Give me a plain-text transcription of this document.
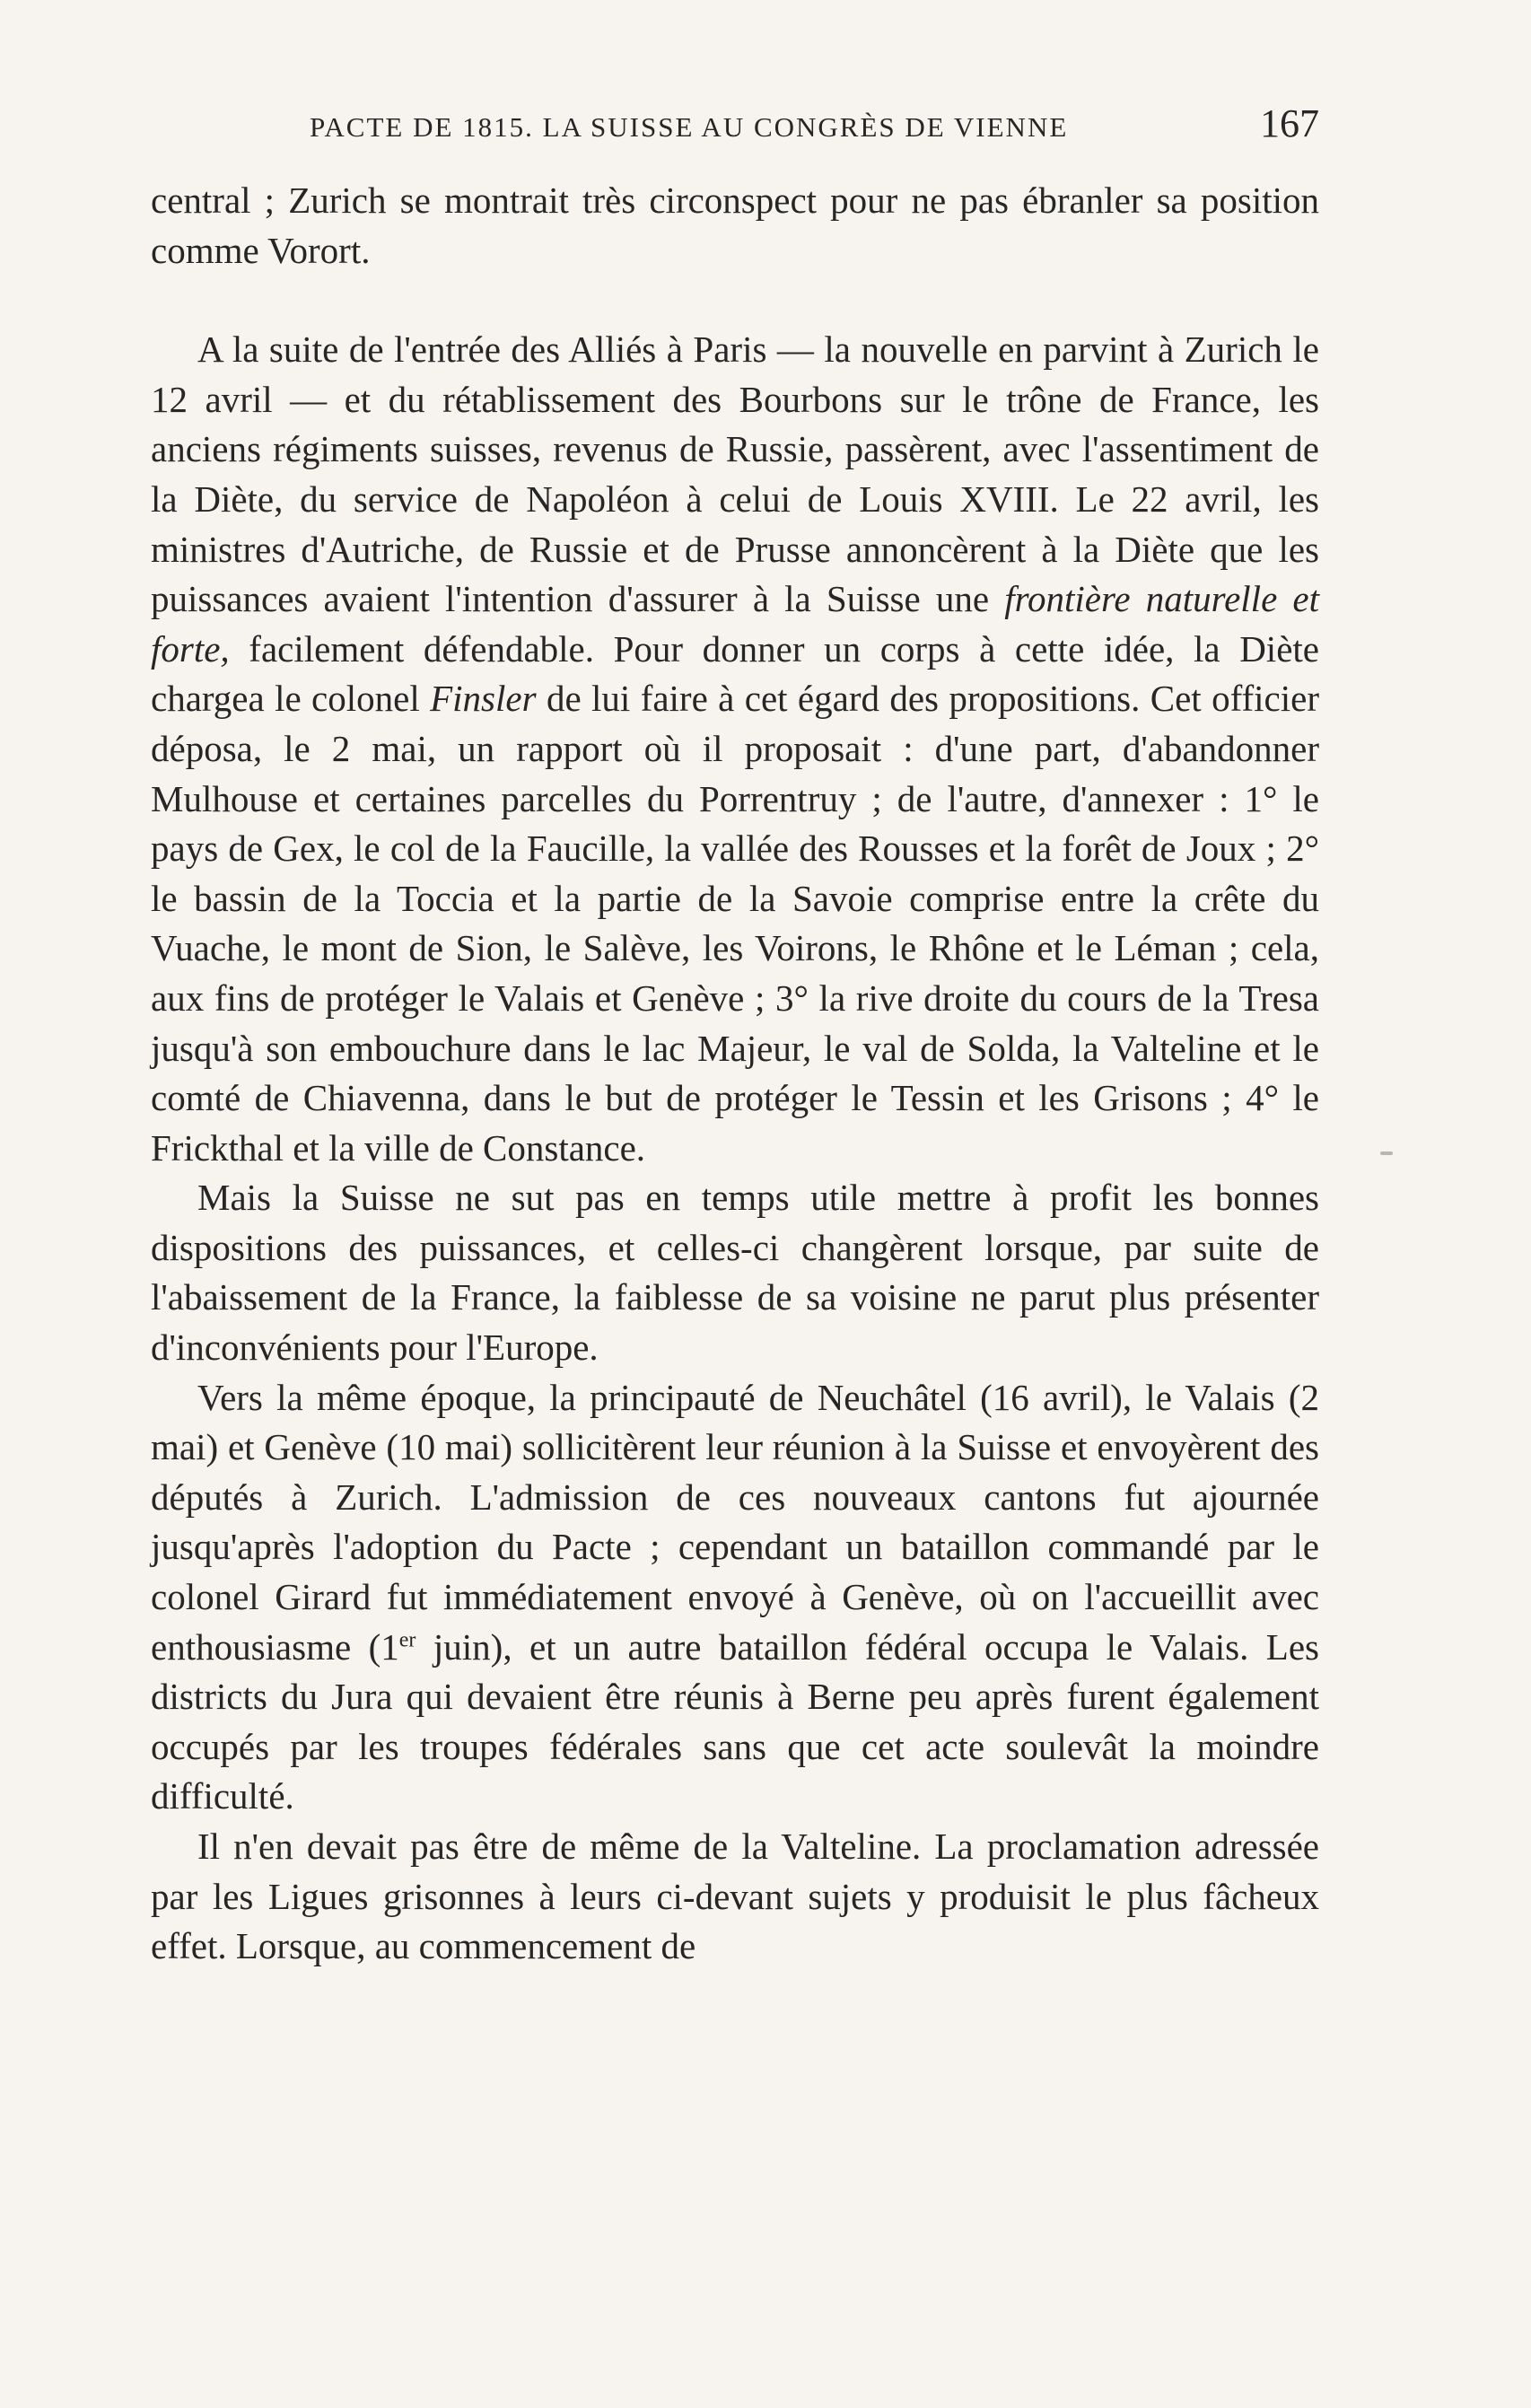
PACTE DE 1815. LA SUISSE AU CONGRÈS DE VIENNE	167

central ; Zurich se montrait très circonspect pour ne pas ébranler sa position comme Vorort.

A la suite de l'entrée des Alliés à Paris — la nouvelle en parvint à Zurich le 12 avril — et du rétablissement des Bourbons sur le trône de France, les anciens régiments suisses, revenus de Russie, passèrent, avec l'assentiment de la Diète, du service de Napoléon à celui de Louis XVIII. Le 22 avril, les ministres d'Autriche, de Russie et de Prusse annoncèrent à la Diète que les puissances avaient l'intention d'assurer à la Suisse une frontière naturelle et forte, facilement défendable. Pour donner un corps à cette idée, la Diète chargea le colonel Finsler de lui faire à cet égard des propositions. Cet officier déposa, le 2 mai, un rapport où il proposait : d'une part, d'abandonner Mulhouse et certaines parcelles du Porrentruy ; de l'autre, d'annexer : 1° le pays de Gex, le col de la Faucille, la vallée des Rousses et la forêt de Joux ; 2° le bassin de la Toccia et la partie de la Savoie comprise entre la crête du Vuache, le mont de Sion, le Salève, les Voirons, le Rhône et le Léman ; cela, aux fins de protéger le Valais et Genève ; 3° la rive droite du cours de la Tresa jusqu'à son embouchure dans le lac Majeur, le val de Solda, la Valteline et le comté de Chiavenna, dans le but de protéger le Tessin et les Grisons ; 4° le Frickthal et la ville de Constance.

Mais la Suisse ne sut pas en temps utile mettre à profit les bonnes dispositions des puissances, et celles-ci changèrent lorsque, par suite de l'abaissement de la France, la faiblesse de sa voisine ne parut plus présenter d'inconvénients pour l'Europe.

Vers la même époque, la principauté de Neuchâtel (16 avril), le Valais (2 mai) et Genève (10 mai) sollicitèrent leur réunion à la Suisse et envoyèrent des députés à Zurich. L'admission de ces nouveaux cantons fut ajournée jusqu'après l'adoption du Pacte ; cependant un bataillon commandé par le colonel Girard fut immédiatement envoyé à Genève, où on l'accueillit avec enthousiasme (1er juin), et un autre bataillon fédéral occupa le Valais. Les districts du Jura qui devaient être réunis à Berne peu après furent également occupés par les troupes fédérales sans que cet acte soulevât la moindre difficulté.

Il n'en devait pas être de même de la Valteline. La proclamation adressée par les Ligues grisonnes à leurs ci-devant sujets y produisit le plus fâcheux effet. Lorsque, au commencement de
